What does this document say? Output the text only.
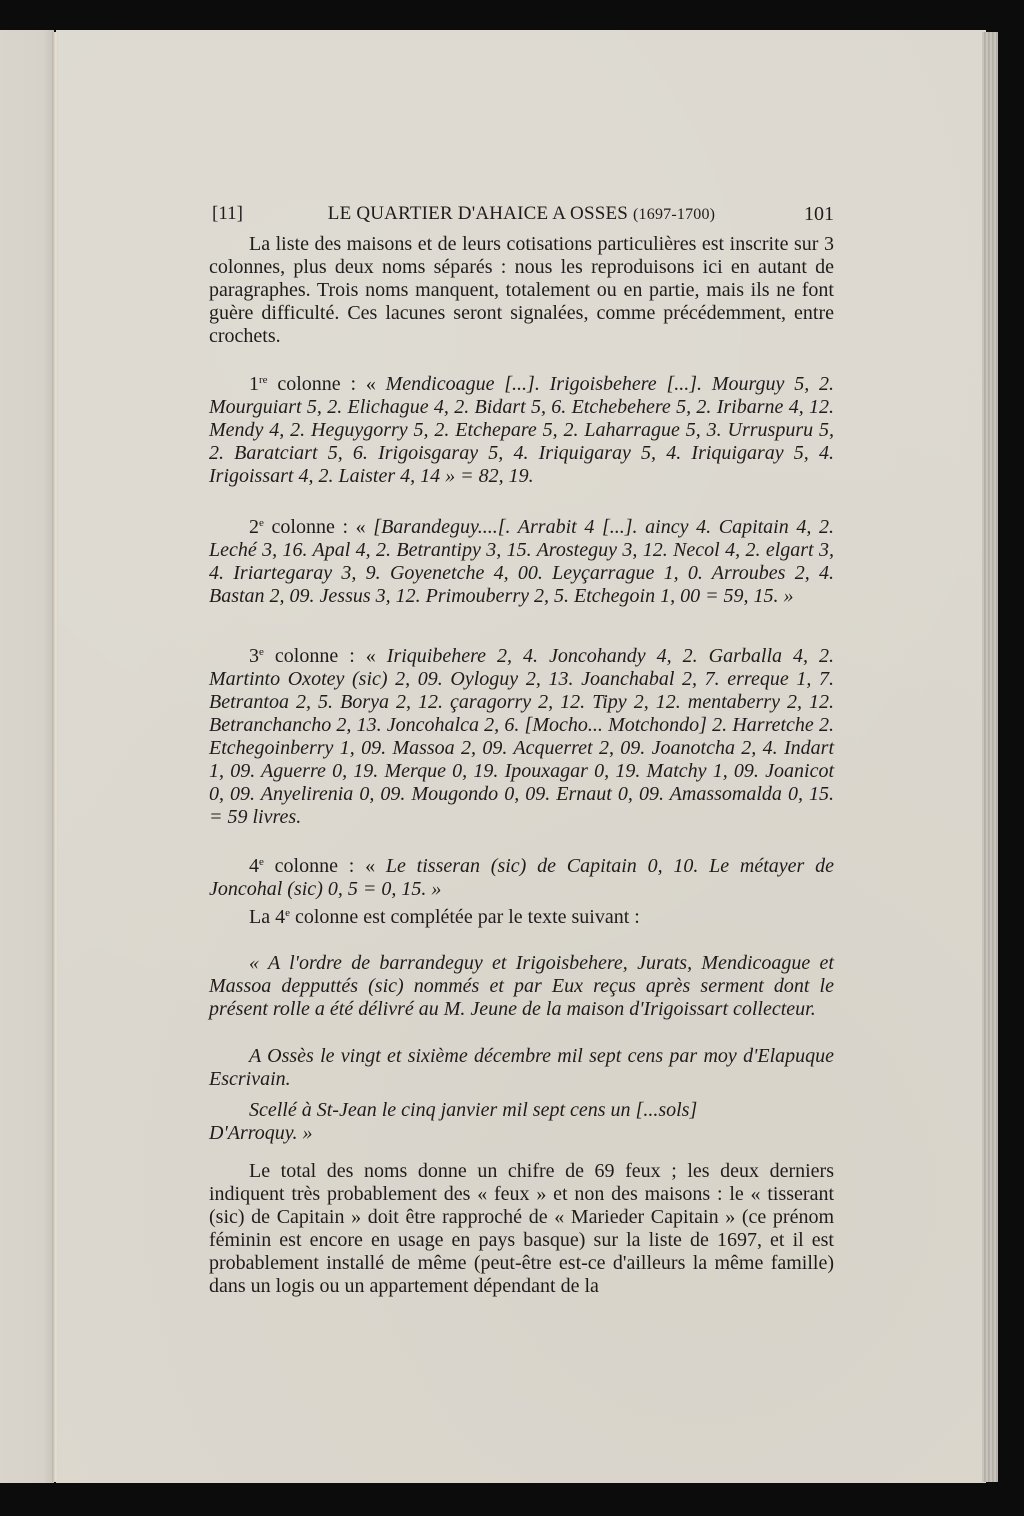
[11]	LE QUARTIER D'AHAICE A OSSES (1697-1700)	101

La liste des maisons et de leurs cotisations particulières est inscrite sur 3 colonnes, plus deux noms séparés : nous les reproduisons ici en autant de paragraphes. Trois noms manquent, totalement ou en partie, mais ils ne font guère difficulté. Ces lacunes seront signalées, comme précédemment, entre crochets.

1re colonne : « Mendicoague [...]. Irigoisbehere [...]. Mourguy 5, 2. Mourguiart 5, 2. Elichague 4, 2. Bidart 5, 6. Etchebehere 5, 2. Iribarne 4, 12. Mendy 4, 2. Heguygorry 5, 2. Etchepare 5, 2. Laharrague 5, 3. Urruspuru 5, 2. Baratciart 5, 6. Irigoisgaray 5, 4. Iriquigaray 5, 4. Iriquigaray 5, 4. Irigoissart 4, 2. Laister 4, 14 » = 82, 19.

2e colonne : « [Barandeguy....[. Arrabit 4 [...]. aincy 4. Capitain 4, 2. Leché 3, 16. Apal 4, 2. Betrantipy 3, 15. Arosteguy 3, 12. Necol 4, 2. elgart 3, 4. Iriartegaray 3, 9. Goyenetche 4, 00. Leyçarrague 1, 0. Arroubes 2, 4. Bastan 2, 09. Jessus 3, 12. Primouberry 2, 5. Etchegoin 1, 00 = 59, 15. »

3e colonne : « Iriquibehere 2, 4. Joncohandy 4, 2. Garballa 4, 2. Martinto Oxotey (sic) 2, 09. Oyloguy 2, 13. Joanchabal 2, 7. erreque 1, 7. Betrantoa 2, 5. Borya 2, 12. çaragorry 2, 12. Tipy 2, 12. mentaberry 2, 12. Betranchancho 2, 13. Joncohalca 2, 6. [Mocho... Motchondo] 2. Harretche 2. Etchegoinberry 1, 09. Massoa 2, 09. Acquerret 2, 09. Joanotcha 2, 4. Indart 1, 09. Aguerre 0, 19. Merque 0, 19. Ipouxagar 0, 19. Matchy 1, 09. Joanicot 0, 09. Anyelirenia 0, 09. Mougondo 0, 09. Ernaut 0, 09. Amassomalda 0, 15. = 59 livres.

4e colonne : « Le tisseran (sic) de Capitain 0, 10. Le métayer de Joncohal (sic) 0, 5 = 0, 15. »

La 4e colonne est complétée par le texte suivant :

« A l'ordre de barrandeguy et Irigoisbehere, Jurats, Mendicoague et Massoa depputtés (sic) nommés et par Eux reçus après serment dont le présent rolle a été délivré au M. Jeune de la maison d'Irigoissart collecteur.

A Ossès le vingt et sixième décembre mil sept cens par moy d'Elapuque Escrivain.

Scellé à St-Jean le cinq janvier mil sept cens un [...sols]

D'Arroquy. »

Le total des noms donne un chifre de 69 feux ; les deux derniers indiquent très probablement des « feux » et non des maisons : le « tisserant (sic) de Capitain » doit être rapproché de « Marieder Capitain » (ce prénom féminin est encore en usage en pays basque) sur la liste de 1697, et il est probablement installé de même (peut-être est-ce d'ailleurs la même famille) dans un logis ou un appartement dépendant de la
